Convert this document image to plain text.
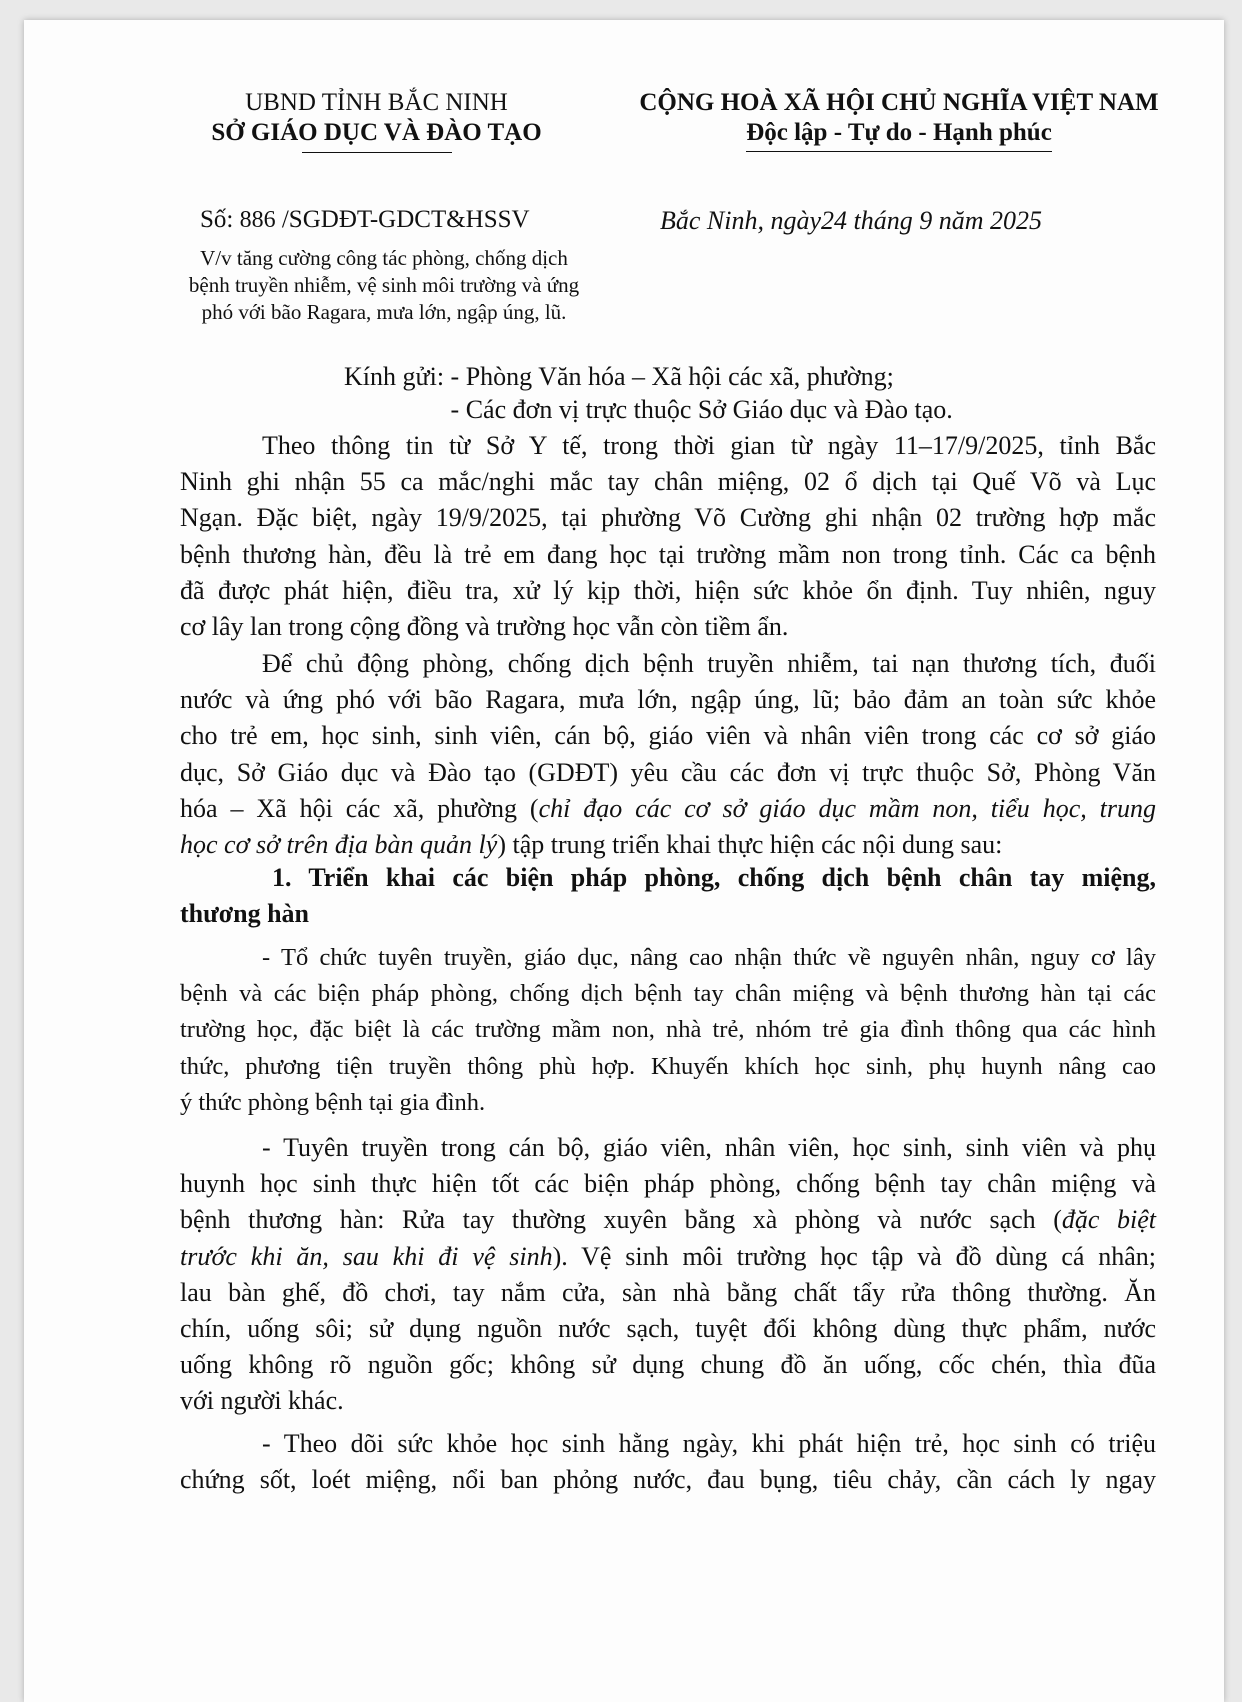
UBND TỈNH BẮC NINH
SỞ GIÁO DỤC VÀ ĐÀO TẠO
CỘNG HOÀ XÃ HỘI CHỦ NGHĨA VIỆT NAM
Độc lập - Tự do - Hạnh phúc
Số: 886 /SGDĐT-GDCT&HSSV	Bắc Ninh, ngày24 tháng 9 năm 2025
V/v tăng cường công tác phòng, chống dịch
bệnh truyền nhiễm, vệ sinh môi trường và ứng
phó với bão Ragara, mưa lớn, ngập úng, lũ.
Kính gửi: - Phòng Văn hóa – Xã hội các xã, phường;
- Các đơn vị trực thuộc Sở Giáo dục và Đào tạo.
Theo thông tin từ Sở Y tế, trong thời gian từ ngày 11–17/9/2025, tỉnh Bắc
Ninh ghi nhận 55 ca mắc/nghi mắc tay chân miệng, 02 ổ dịch tại Quế Võ và Lục
Ngạn. Đặc biệt, ngày 19/9/2025, tại phường Võ Cường ghi nhận 02 trường hợp mắc
bệnh thương hàn, đều là trẻ em đang học tại trường mầm non trong tỉnh. Các ca bệnh
đã được phát hiện, điều tra, xử lý kịp thời, hiện sức khỏe ổn định. Tuy nhiên, nguy
cơ lây lan trong cộng đồng và trường học vẫn còn tiềm ẩn.
Để chủ động phòng, chống dịch bệnh truyền nhiễm, tai nạn thương tích, đuối
nước và ứng phó với bão Ragara, mưa lớn, ngập úng, lũ; bảo đảm an toàn sức khỏe
cho trẻ em, học sinh, sinh viên, cán bộ, giáo viên và nhân viên trong các cơ sở giáo
dục, Sở Giáo dục và Đào tạo (GDĐT) yêu cầu các đơn vị trực thuộc Sở, Phòng Văn
hóa – Xã hội các xã, phường (chỉ đạo các cơ sở giáo dục mầm non, tiểu học, trung
học cơ sở trên địa bàn quản lý) tập trung triển khai thực hiện các nội dung sau:
1. Triển khai các biện pháp phòng, chống dịch bệnh chân tay miệng,
thương hàn
- Tổ chức tuyên truyền, giáo dục, nâng cao nhận thức về nguyên nhân, nguy cơ lây
bệnh và các biện pháp phòng, chống dịch bệnh tay chân miệng và bệnh thương hàn tại các
trường học, đặc biệt là các trường mầm non, nhà trẻ, nhóm trẻ gia đình thông qua các hình
thức, phương tiện truyền thông phù hợp. Khuyến khích học sinh, phụ huynh nâng cao
ý thức phòng bệnh tại gia đình.
- Tuyên truyền trong cán bộ, giáo viên, nhân viên, học sinh, sinh viên và phụ
huynh học sinh thực hiện tốt các biện pháp phòng, chống bệnh tay chân miệng và
bệnh thương hàn: Rửa tay thường xuyên bằng xà phòng và nước sạch (đặc biệt
trước khi ăn, sau khi đi vệ sinh). Vệ sinh môi trường học tập và đồ dùng cá nhân;
lau bàn ghế, đồ chơi, tay nắm cửa, sàn nhà bằng chất tẩy rửa thông thường. Ăn
chín, uống sôi; sử dụng nguồn nước sạch, tuyệt đối không dùng thực phẩm, nước
uống không rõ nguồn gốc; không sử dụng chung đồ ăn uống, cốc chén, thìa đũa
với người khác.
- Theo dõi sức khỏe học sinh hằng ngày, khi phát hiện trẻ, học sinh có triệu
chứng sốt, loét miệng, nổi ban phỏng nước, đau bụng, tiêu chảy, cần cách ly ngay
